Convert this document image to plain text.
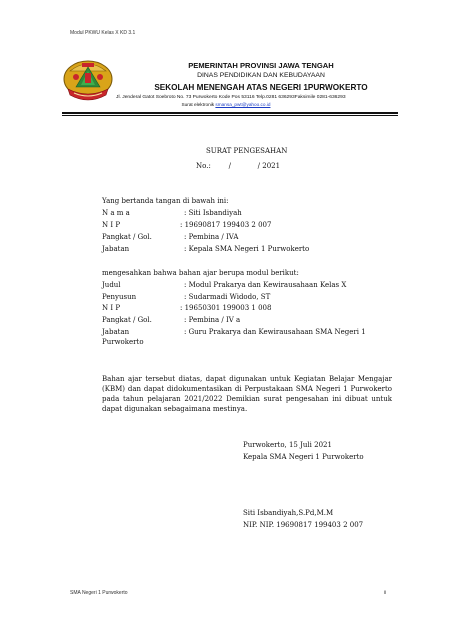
Modul PKWU Kelas X KD 3.1
PEMERINTAH PROVINSI JAWA TENGAH
DINAS PENDIDIKAN DAN KEBUDAYAAN
SEKOLAH MENENGAH ATAS NEGERI 1PURWOKERTO
Jl. Jenderal Gatot Soebroto No. 73 Purwokerto Kode Pos 53116 Telp.0281 636293Faksimile 0281-636293
Surat elektronik smansa_pwt@yahoo.co.id
SURAT PENGESAHAN
No.:        /            / 2021
Yang bertanda tangan di bawah ini:
N a m a	: Siti Isbandiyah
N I P	: 19690817 199403 2 007
Pangkat / Gol.	: Pembina / IVA
Jabatan	: Kepala SMA Negeri 1 Purwokerto
mengesahkan bahwa bahan ajar berupa modul berikut:
Judul	: Modul Prakarya dan Kewirausahaan Kelas X
Penyusun	: Sudarmadi Widodo, ST
N I P	: 19650301 199003 1 008
Pangkat / Gol.	: Pembina / IV a
Jabatan	: Guru Prakarya dan Kewirausahaan SMA Negeri 1
Purwokerto
Bahan ajar tersebut diatas, dapat digunakan untuk Kegiatan Belajar Mengajar (KBM) dan dapat didokumentasikan di Perpustakaan SMA Negeri 1 Purwokerto pada tahun pelajaran 2021/2022 Demikian surat pengesahan ini dibuat untuk dapat digunakan sebagaimana mestinya.
Purwokerto, 15 Juli 2021
Kepala SMA Negeri 1 Purwokerto
Siti Isbandiyah,S.Pd,M.M
NIP. NIP. 19690817 199403 2 007
SMA Negeri 1 Purwokerto	ii
